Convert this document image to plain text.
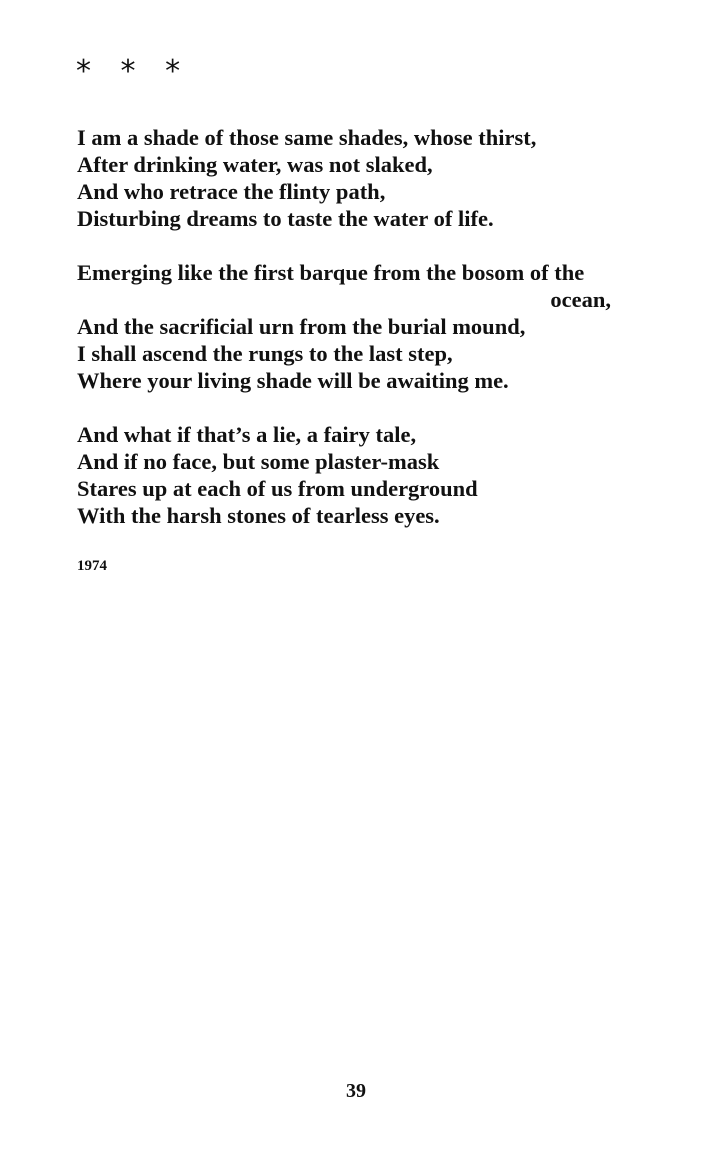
* * *
I am a shade of those same shades, whose thirst,
After drinking water, was not slaked,
And who retrace the flinty path,
Disturbing dreams to taste the water of life.
Emerging like the first barque from the bosom of the
ocean,
And the sacrificial urn from the burial mound,
I shall ascend the rungs to the last step,
Where your living shade will be awaiting me.
And what if that’s a lie, a fairy tale,
And if no face, but some plaster-mask
Stares up at each of us from underground
With the harsh stones of tearless eyes.
1974
39
